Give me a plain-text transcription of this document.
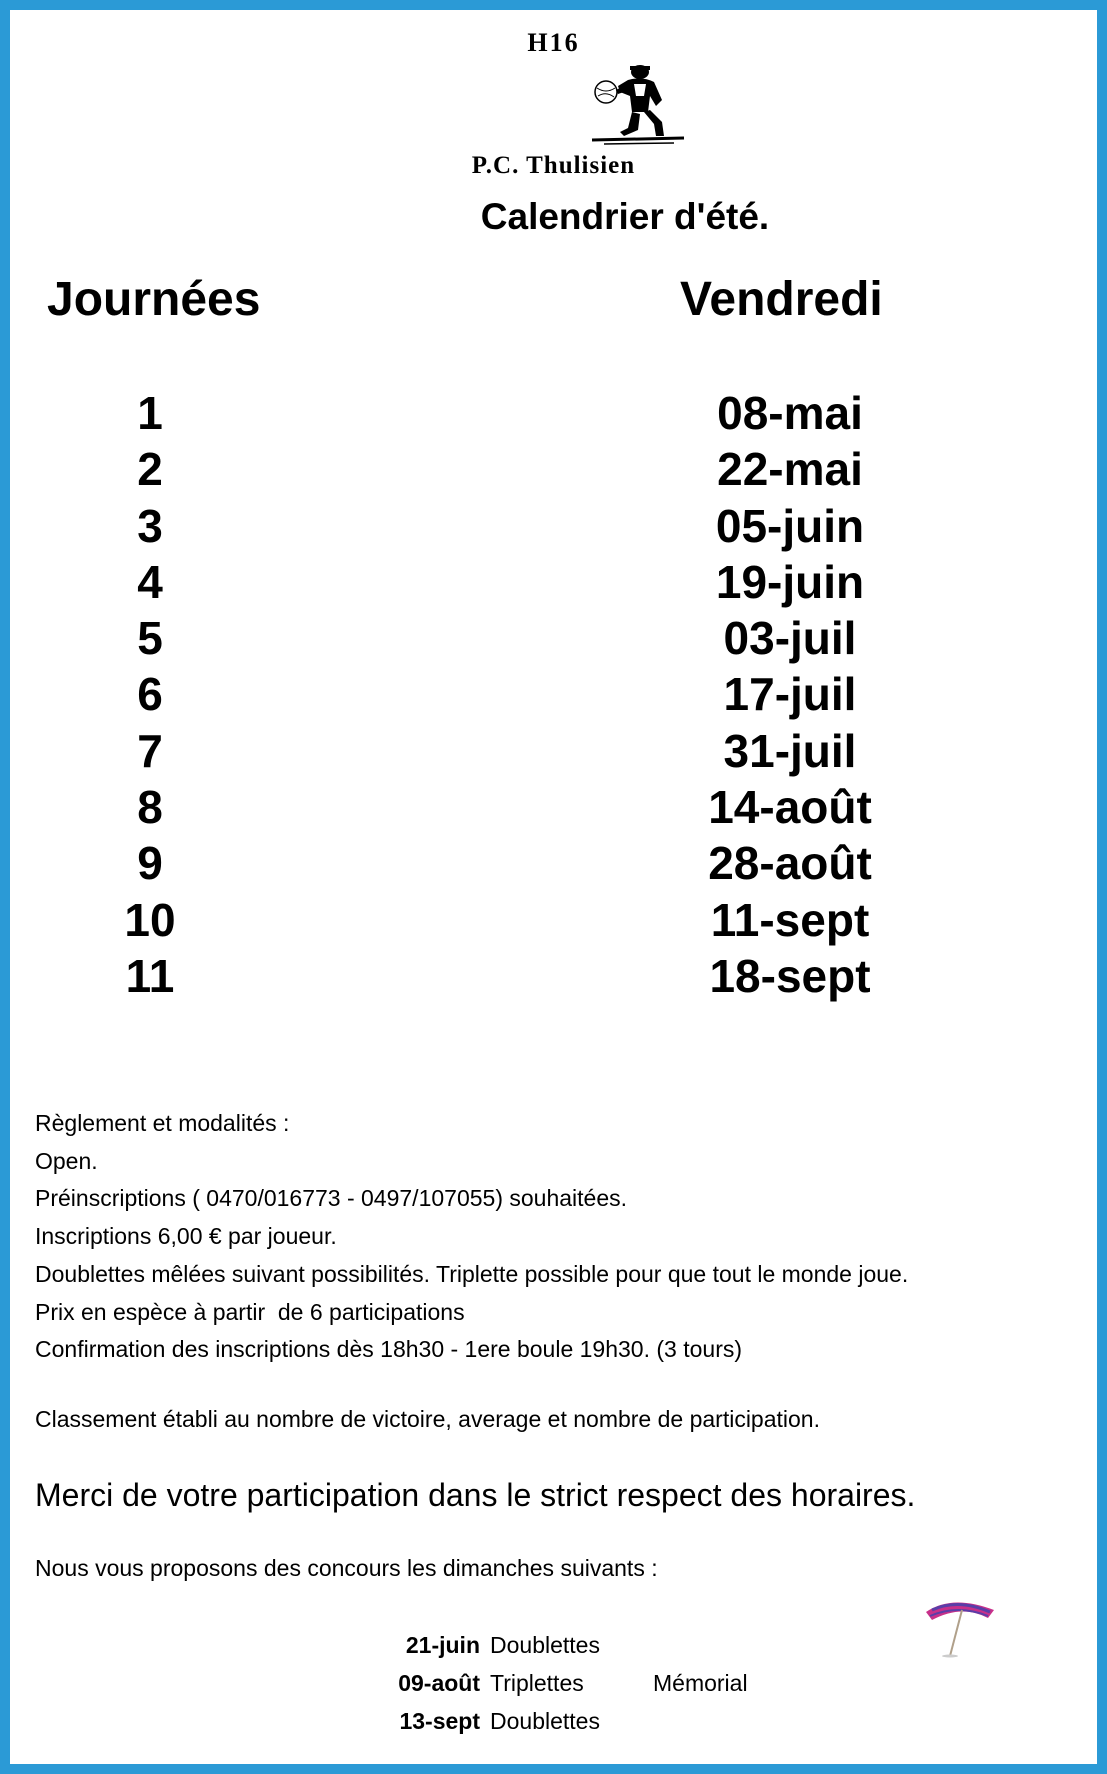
H16
P.C. Thulisien
Calendrier d'été.
Journées	Vendredi
1	08-mai
2	22-mai
3	05-juin
4	19-juin
5	03-juil
6	17-juil
7	31-juil
8	14-août
9	28-août
10	11-sept
11	18-sept
Règlement et modalités :
Open.
Préinscriptions ( 0470/016773 - 0497/107055) souhaitées.
Inscriptions 6,00 € par joueur.
Doublettes mêlées suivant possibilités. Triplette possible pour que tout le monde joue.
Prix en espèce à partir  de 6 participations
Confirmation des inscriptions dès 18h30 - 1ere boule 19h30. (3 tours)
Classement établi au nombre de victoire, average et nombre de participation.
Merci de votre participation dans le strict respect des horaires.
Nous vous proposons des concours les dimanches suivants :
21-juin Doublettes
09-août Triplettes	Mémorial
13-sept Doublettes
